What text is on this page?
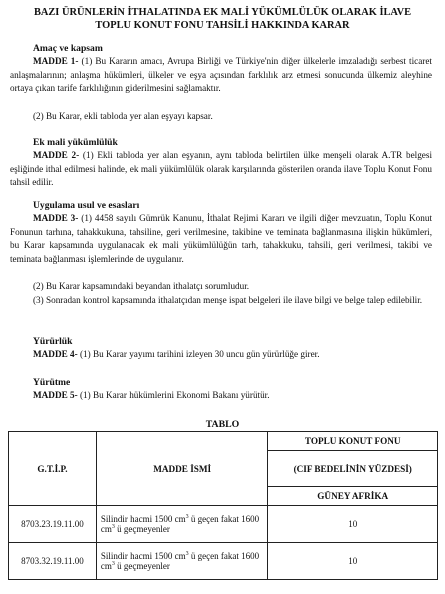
BAZI ÜRÜNLERİN İTHALATINDA EK MALİ YÜKÜMLÜLÜK OLARAK İLAVE
TOPLU KONUT FONU TAHSİLİ HAKKINDA KARAR
Amaç ve kapsam
MADDE 1- (1) Bu Kararın amacı, Avrupa Birliği ve Türkiye'nin diğer ülkelerle imzaladığı serbest ticaret anlaşmalarının; anlaşma hükümleri, ülkeler ve eşya açısından farklılık arz etmesi sonucunda ülkemiz aleyhine ortaya çıkan tarife farklılığının giderilmesini sağlamaktır.
(2) Bu Karar, ekli tabloda yer alan eşyayı kapsar.
Ek mali yükümlülük
MADDE 2- (1) Ekli tabloda yer alan eşyanın, aynı tabloda belirtilen ülke menşeli olarak A.TR belgesi eşliğinde ithal edilmesi halinde, ek mali yükümlülük olarak karşılarında gösterilen oranda ilave Toplu Konut Fonu tahsil edilir.
Uygulama usul ve esasları
MADDE 3- (1) 4458 sayılı Gümrük Kanunu, İthalat Rejimi Kararı ve ilgili diğer mevzuatın, Toplu Konut Fonunun tarhına, tahakkukuna, tahsiline, geri verilmesine, takibine ve teminata bağlanmasına ilişkin hükümleri, bu Karar kapsamında uygulanacak ek mali yükümlülüğün tarh, tahakkuku, tahsili, geri verilmesi, takibi ve teminata bağlanması işlemlerinde de uygulanır.
(2) Bu Karar kapsamındaki beyandan ithalatçı sorumludur.
(3) Sonradan kontrol kapsamında ithalatçıdan menşe ispat belgeleri ile ilave bilgi ve belge talep edilebilir.
Yürürlük
MADDE 4- (1) Bu Karar yayımı tarihini izleyen 30 uncu gün yürürlüğe girer.
Yürütme
MADDE 5- (1) Bu Karar hükümlerini Ekonomi Bakanı yürütür.
TABLO
G.T.İ.P.	MADDE İSMİ	TOPLU KONUT FONU
		(CIF BEDELİNİN YÜZDESİ)
		GÜNEY AFRİKA
8703.23.19.11.00	Silindir hacmi 1500 $cm^3$ ü geçen fakat 1600 $cm^3$ ü geçmeyenler	10
8703.32.19.11.00	Silindir hacmi 1500 $cm^3$ ü geçen fakat 1600 $cm^3$ ü geçmeyenler	10
